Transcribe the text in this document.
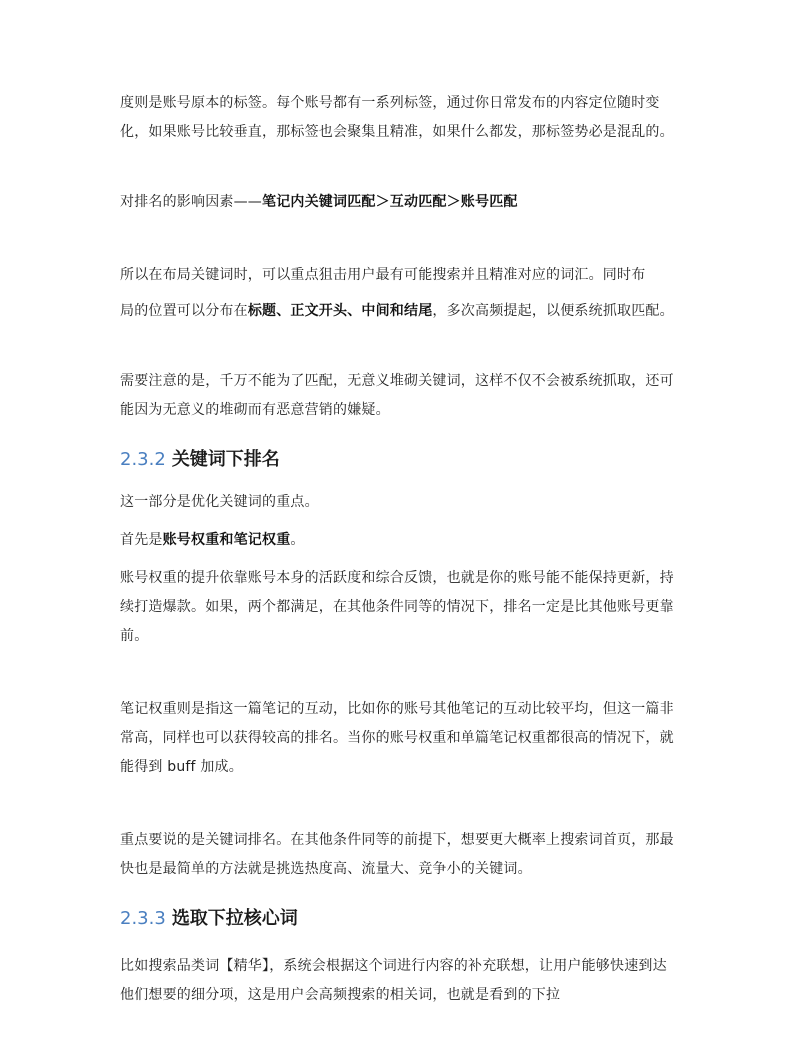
度则是账号原本的标签。每个账号都有一系列标签，通过你日常发布的内容定位随时变化，如果账号比较垂直，那标签也会聚集且精准，如果什么都发，那标签势必是混乱的。

对排名的影响因素——笔记内关键词匹配＞互动匹配＞账号匹配

所以在布局关键词时，可以重点狙击用户最有可能搜索并且精准对应的词汇。同时布

局的位置可以分布在标题、正文开头、中间和结尾，多次高频提起，以便系统抓取匹配。

需要注意的是，千万不能为了匹配，无意义堆砌关键词，这样不仅不会被系统抓取，还可能因为无意义的堆砌而有恶意营销的嫌疑。

2.3.2 关键词下排名

这一部分是优化关键词的重点。

首先是账号权重和笔记权重。

账号权重的提升依靠账号本身的活跃度和综合反馈，也就是你的账号能不能保持更新，持续打造爆款。如果，两个都满足，在其他条件同等的情况下，排名一定是比其他账号更靠前。

笔记权重则是指这一篇笔记的互动，比如你的账号其他笔记的互动比较平均，但这一篇非常高，同样也可以获得较高的排名。当你的账号权重和单篇笔记权重都很高的情况下，就能得到 buff 加成。

重点要说的是关键词排名。在其他条件同等的前提下，想要更大概率上搜索词首页，那最快也是最简单的方法就是挑选热度高、流量大、竞争小的关键词。

2.3.3 选取下拉核心词

比如搜索品类词【精华】，系统会根据这个词进行内容的补充联想，让用户能够快速到达他们想要的细分项，这是用户会高频搜索的相关词，也就是看到的下拉
